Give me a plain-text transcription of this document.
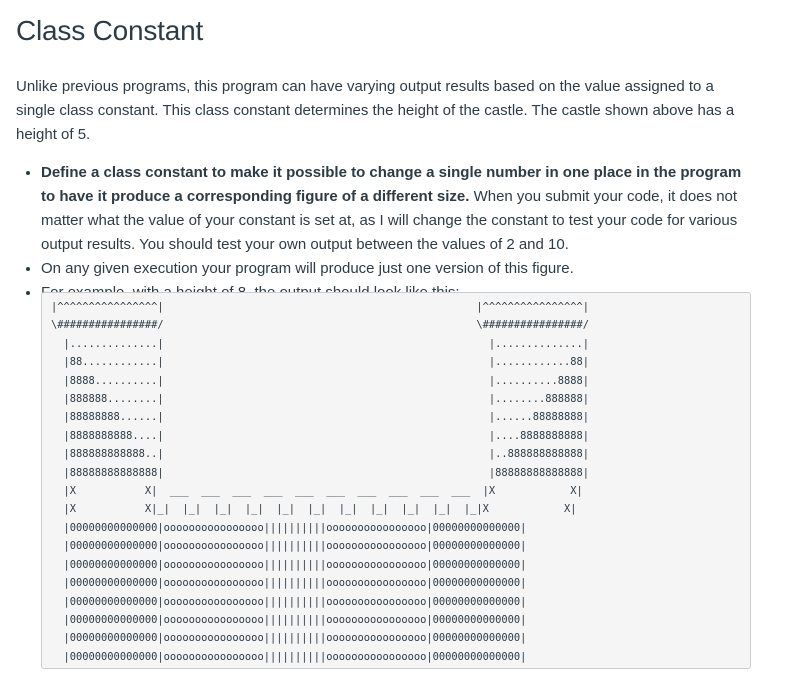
Class Constant

Unlike previous programs, this program can have varying output results based on the value assigned to a single class constant. This class constant determines the height of the castle. The castle shown above has a height of 5.

• Define a class constant to make it possible to change a single number in one place in the program to have it produce a corresponding figure of a different size. When you submit your code, it does not matter what the value of your constant is set at, as I will change the constant to test your code for various output results. You should test your own output between the values of 2 and 10.
• On any given execution your program will produce just one version of this figure.
•
|^^^^^^^^^^^^^^^^|                                                  |^^^^^^^^^^^^^^^^|
\################/                                                  \################/
|..............|                                                    |..............|
|88............|                                                    |............88|
|8888..........|                                                    |..........8888|
|888888........|                                                    |........888888|
|88888888......|                                                    |......88888888|
|8888888888....|                                                    |....8888888888|
|888888888888..|                                                    |..888888888888|
|88888888888888|                                                    |88888888888888|
|X           X|  ___  ___  ___  ___  ___  ___  ___  ___  ___  ___  |X            X|
|X           X|_|  |_|  |_|  |_|  |_|  |_|  |_|  |_|  |_|  |_|  |_|X            X|
|00000000000000|oooooooooooooooo||||||||||oooooooooooooooo|00000000000000|
|00000000000000|oooooooooooooooo||||||||||oooooooooooooooo|00000000000000|
|00000000000000|oooooooooooooooo||||||||||oooooooooooooooo|00000000000000|
|00000000000000|oooooooooooooooo||||||||||oooooooooooooooo|00000000000000|
|00000000000000|oooooooooooooooo||||||||||oooooooooooooooo|00000000000000|
|00000000000000|oooooooooooooooo||||||||||oooooooooooooooo|00000000000000|
|00000000000000|oooooooooooooooo||||||||||oooooooooooooooo|00000000000000|
|00000000000000|oooooooooooooooo||||||||||oooooooooooooooo|00000000000000|
